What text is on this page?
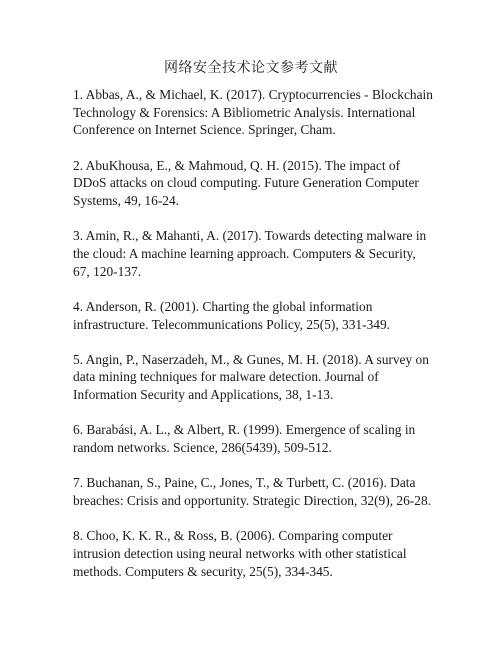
网络安全技术论文参考文献
1. Abbas, A., & Michael, K. (2017). Cryptocurrencies - Blockchain
Technology & Forensics: A Bibliometric Analysis. International
Conference on Internet Science. Springer, Cham.
2. AbuKhousa, E., & Mahmoud, Q. H. (2015). The impact of
DDoS attacks on cloud computing. Future Generation Computer
Systems, 49, 16-24.
3. Amin, R., & Mahanti, A. (2017). Towards detecting malware in
the cloud: A machine learning approach. Computers & Security,
67, 120-137.
4. Anderson, R. (2001). Charting the global information
infrastructure. Telecommunications Policy, 25(5), 331-349.
5. Angin, P., Naserzadeh, M., & Gunes, M. H. (2018). A survey on
data mining techniques for malware detection. Journal of
Information Security and Applications, 38, 1-13.
6. Barabási, A. L., & Albert, R. (1999). Emergence of scaling in
random networks. Science, 286(5439), 509-512.
7. Buchanan, S., Paine, C., Jones, T., & Turbett, C. (2016). Data
breaches: Crisis and opportunity. Strategic Direction, 32(9), 26-28.
8. Choo, K. K. R., & Ross, B. (2006). Comparing computer
intrusion detection using neural networks with other statistical
methods. Computers & security, 25(5), 334-345.
